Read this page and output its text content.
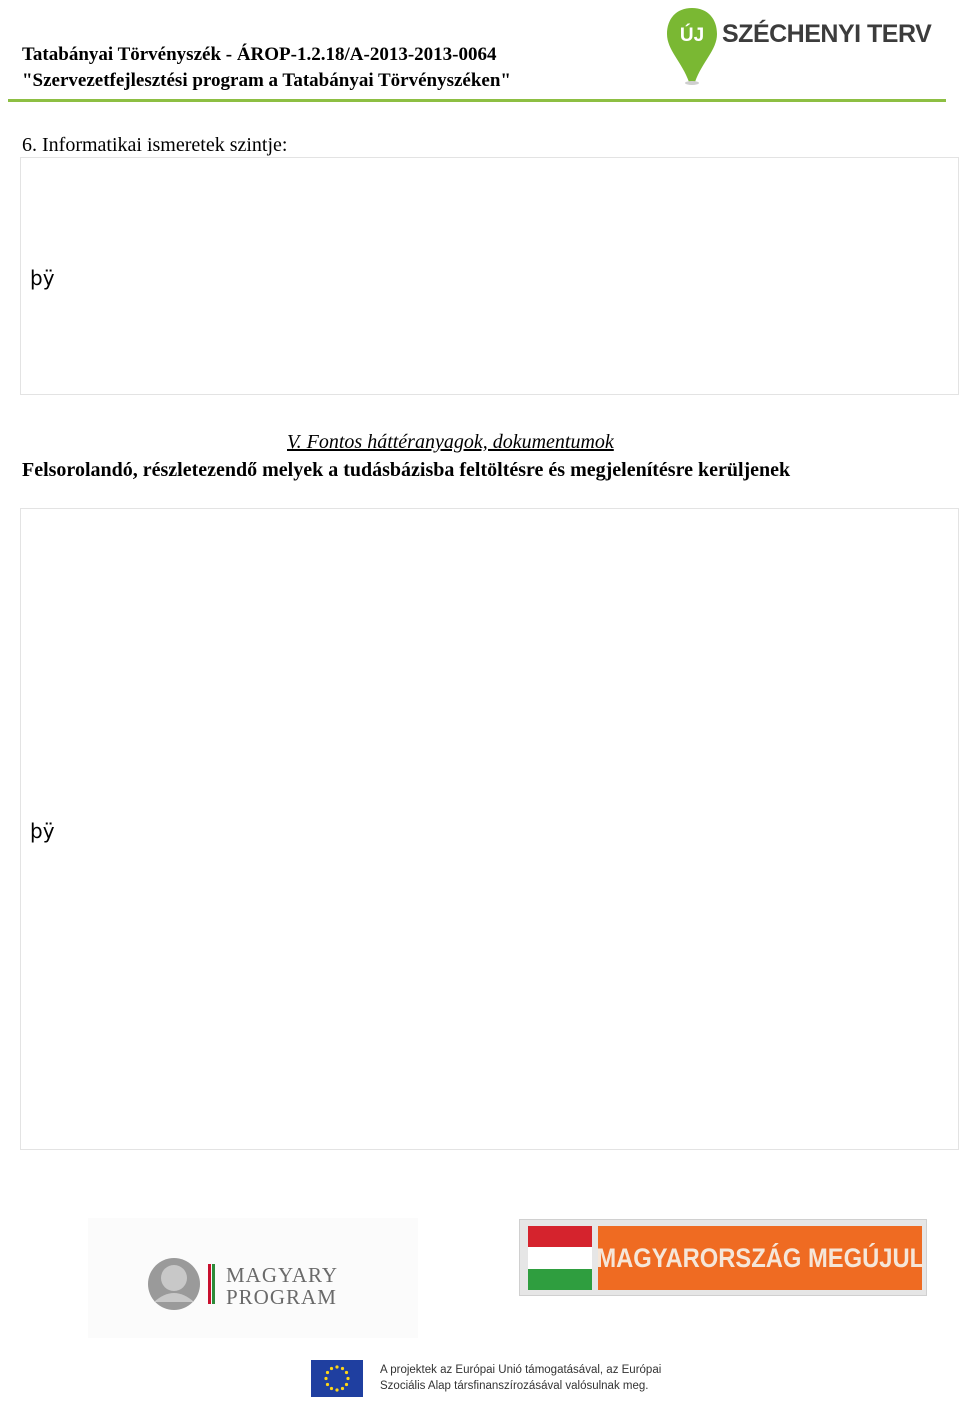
Tatabányai Törvényszék - ÁROP-1.2.18/A-2013-2013-0064
"Szervezetfejlesztési program a Tatabányai Törvényszéken"
ÚJ SZÉCHENYI TERV
6. Informatikai ismeretek szintje:
þÿ
V. Fontos háttéranyagok, dokumentumok
Felsorolandó, részletezendő melyek a tudásbázisba feltöltésre és megjelenítésre kerüljenek
þÿ
MAGYARY
PROGRAM
MAGYARORSZÁG MEGÚJUL
A projektek az Európai Unió támogatásával, az Európai
Szociális Alap társfinanszírozásával valósulnak meg.
